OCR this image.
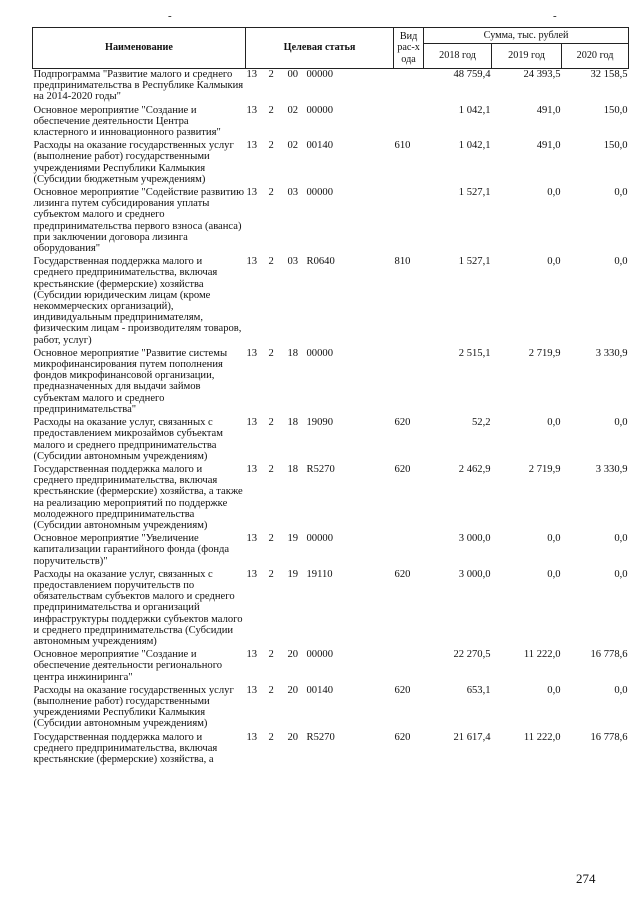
-	-
Наименование	Целевая статья				Вид рас-хода	Сумма, тыс. рублей		
						2018 год	2019 год	2020 год
Подпрограмма "Развитие малого и среднего предпринимательства в Республике Калмыкия на 2014-2020 годы"	13	2	00	00000		48 759,4	24 393,5	32 158,5
Основное мероприятие "Создание и обеспечение деятельности Центра кластерного и инновационного развития"	13	2	02	00000		1 042,1	491,0	150,0
Расходы на оказание государственных услуг (выполнение работ) государственными учреждениями Республики Калмыкия (Субсидии бюджетным учреждениям)	13	2	02	00140	610	1 042,1	491,0	150,0
Основное мероприятие "Содействие развитию лизинга путем субсидирования уплаты субъектом малого и среднего предпринимательства первого взноса (аванса) при заключении договора лизинга оборудования"	13	2	03	00000		1 527,1	0,0	0,0
Государственная поддержка малого и среднего предпринимательства, включая крестьянские (фермерские) хозяйства (Субсидии юридическим лицам (кроме некоммерческих организаций), индивидуальным предпринимателям, физическим лицам - производителям товаров, работ, услуг)	13	2	03	R0640	810	1 527,1	0,0	0,0
Основное мероприятие "Развитие системы микрофинансирования путем пополнения фондов микрофинансовой организации, предназначенных для выдачи займов субъектам малого и среднего предпринимательства"	13	2	18	00000		2 515,1	2 719,9	3 330,9
Расходы на оказание услуг, связанных с предоставлением микрозаймов субъектам малого и среднего предпринимательства (Субсидии автономным учреждениям)	13	2	18	19090	620	52,2	0,0	0,0
Государственная поддержка малого и среднего предпринимательства, включая крестьянские (фермерские) хозяйства, а также на реализацию мероприятий по поддержке молодежного предпринимательства (Субсидии автономным учреждениям)	13	2	18	R5270	620	2 462,9	2 719,9	3 330,9
Основное мероприятие "Увеличение капитализации гарантийного фонда (фонда поручительств)"	13	2	19	00000		3 000,0	0,0	0,0
Расходы на оказание услуг, связанных с предоставлением поручительств по обязательствам субъектов малого и среднего предпринимательства и организаций инфраструктуры поддержки субъектов малого и среднего предпринимательства (Субсидии автономным учреждениям)	13	2	19	19110	620	3 000,0	0,0	0,0
Основное мероприятие "Создание и обеспечение деятельности регионального центра инжиниринга"	13	2	20	00000		22 270,5	11 222,0	16 778,6
Расходы на оказание государственных услуг (выполнение работ) государственными учреждениями Республики Калмыкия (Субсидии автономным учреждениям)	13	2	20	00140	620	653,1	0,0	0,0
Государственная поддержка малого и среднего предпринимательства, включая крестьянские (фермерские) хозяйства, а	13	2	20	R5270	620	21 617,4	11 222,0	16 778,6
274
